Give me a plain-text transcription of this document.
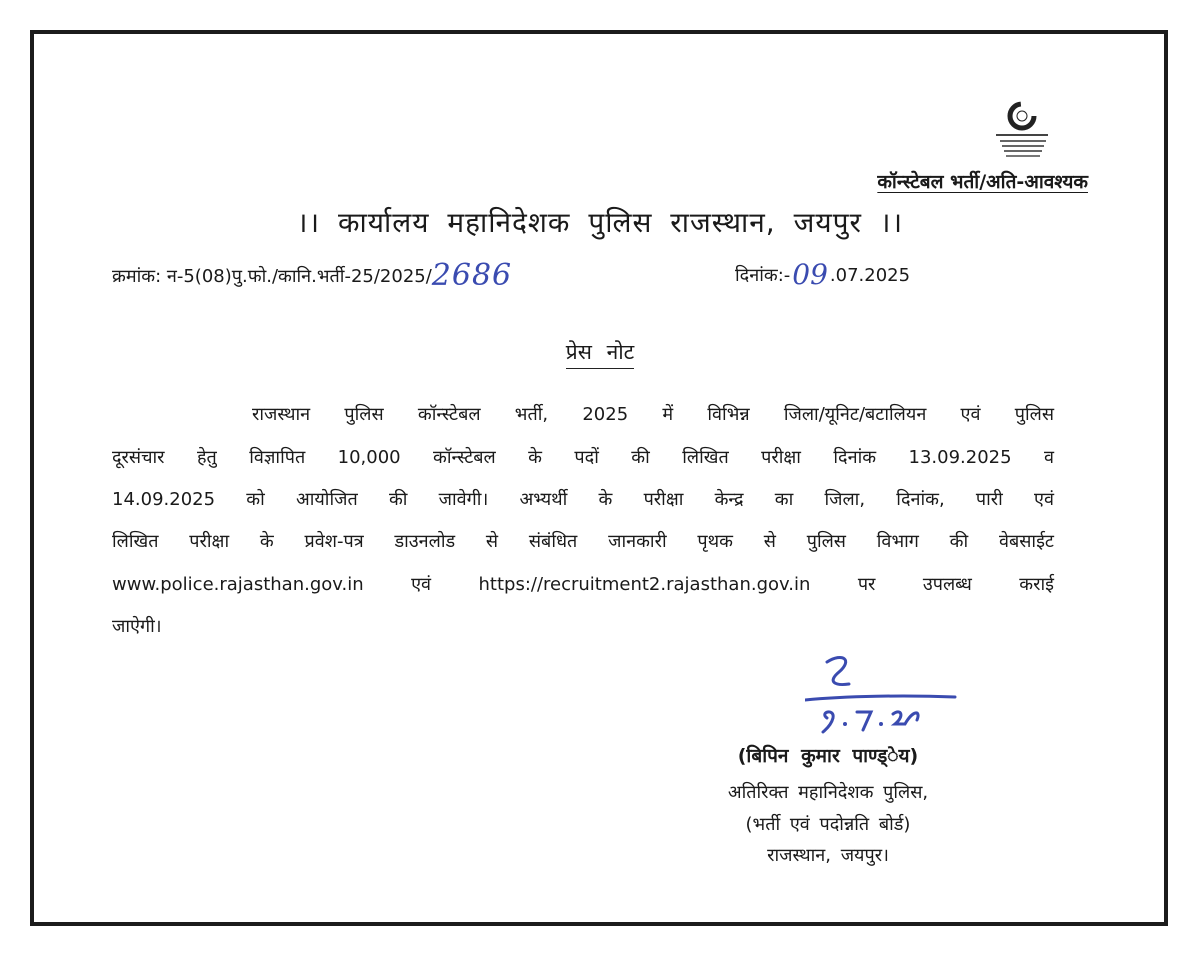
कॉन्स्टेबल भर्ती/अति-आवश्यक
।। कार्यालय महानिदेशक पुलिस राजस्थान, जयपुर ।।
क्रमांक: न-5(08)पु.फो./कानि.भर्ती-25/2025/2686	दिनांक:-09 .07.2025
प्रेस नोट
राजस्थान पुलिस कॉन्स्टेबल भर्ती, 2025 में विभिन्न जिला/यूनिट/बटालियन एवं पुलिस
दूरसंचार हेतु विज्ञापित 10,000 कॉन्स्टेबल के पदों की लिखित परीक्षा दिनांक 13.09.2025 व
14.09.2025 को आयोजित की जावेगी। अभ्यर्थी के परीक्षा केन्द्र का जिला, दिनांक, पारी एवं
लिखित परीक्षा के प्रवेश-पत्र डाउनलोड से संबंधित जानकारी पृथक से पुलिस विभाग की वेबसाईट
www.police.rajasthan.gov.in एवं https://recruitment2.rajasthan.gov.in पर उपलब्ध कराई
जाऐगी।
(बिपिन कुमार पाण्ड्ेय)
अतिरिक्त महानिदेशक पुलिस,
(भर्ती एवं पदोन्नति बोर्ड)
राजस्थान, जयपुर।
